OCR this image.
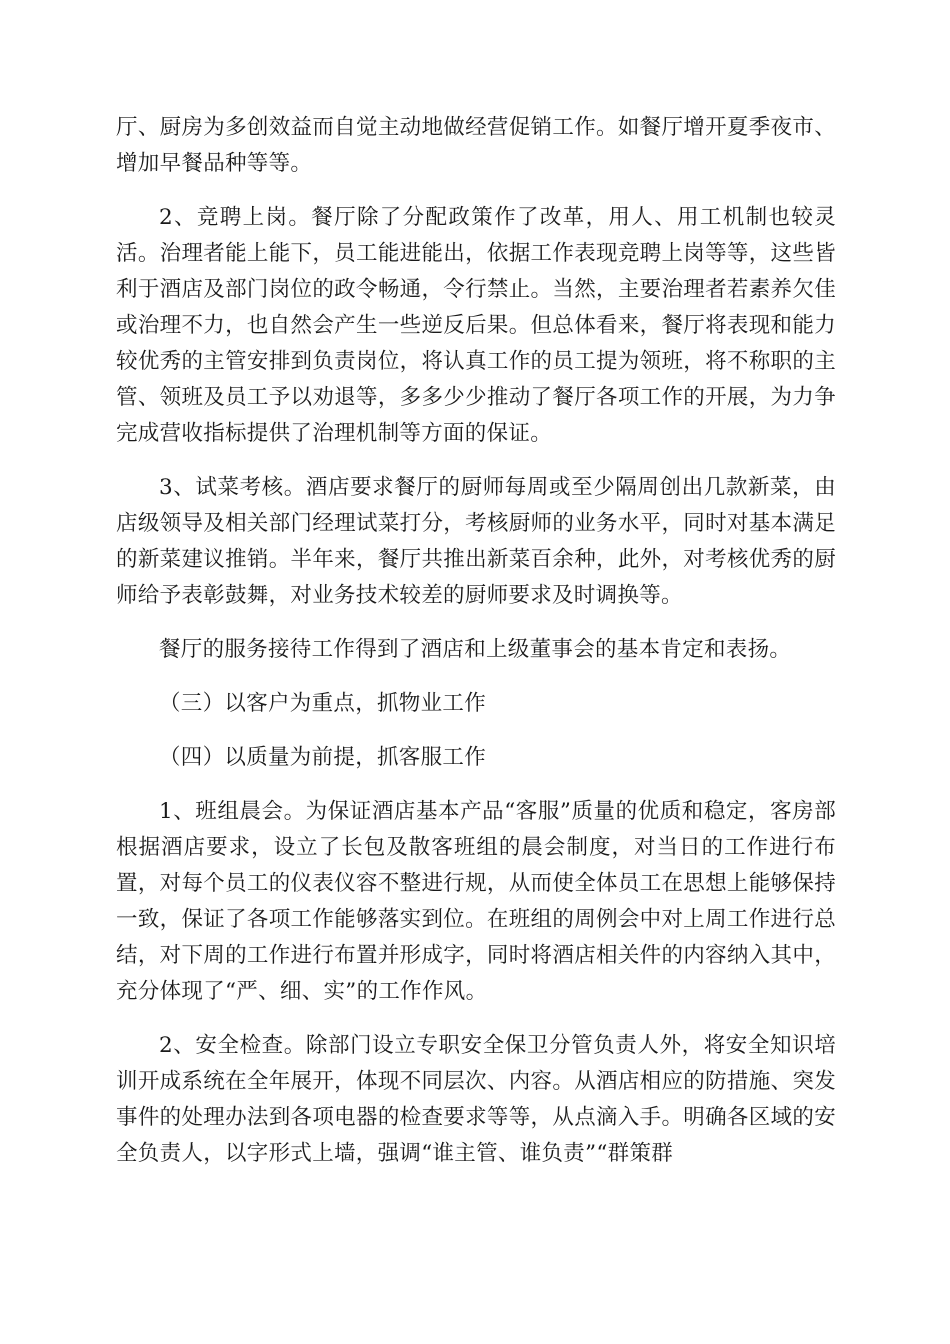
厅、厨房为多创效益而自觉主动地做经营促销工作。如餐厅增开夏季夜市、增加早餐品种等等。

2、竞聘上岗。餐厅除了分配政策作了改革，用人、用工机制也较灵活。治理者能上能下，员工能进能出，依据工作表现竞聘上岗等等，这些皆利于酒店及部门岗位的政令畅通，令行禁止。当然，主要治理者若素养欠佳或治理不力，也自然会产生一些逆反后果。但总体看来，餐厅将表现和能力较优秀的主管安排到负责岗位，将认真工作的员工提为领班，将不称职的主管、领班及员工予以劝退等，多多少少推动了餐厅各项工作的开展，为力争完成营收指标提供了治理机制等方面的保证。

3、试菜考核。酒店要求餐厅的厨师每周或至少隔周创出几款新菜，由店级领导及相关部门经理试菜打分，考核厨师的业务水平，同时对基本满足的新菜建议推销。半年来，餐厅共推出新菜百余种，此外，对考核优秀的厨师给予表彰鼓舞，对业务技术较差的厨师要求及时调换等。

餐厅的服务接待工作得到了酒店和上级董事会的基本肯定和表扬。

（三）以客户为重点，抓物业工作

（四）以质量为前提，抓客服工作

1、班组晨会。为保证酒店基本产品“客服”质量的优质和稳定，客房部根据酒店要求，设立了长包及散客班组的晨会制度，对当日的工作进行布置，对每个员工的仪表仪容不整进行规，从而使全体员工在思想上能够保持一致，保证了各项工作能够落实到位。在班组的周例会中对上周工作进行总结，对下周的工作进行布置并形成字，同时将酒店相关件的内容纳入其中，充分体现了“严、细、实”的工作作风。

2、安全检查。除部门设立专职安全保卫分管负责人外，将安全知识培训开成系统在全年展开，体现不同层次、内容。从酒店相应的防措施、突发事件的处理办法到各项电器的检查要求等等，从点滴入手。明确各区域的安全负责人，以字形式上墙，强调“谁主管、谁负责”“群策群
